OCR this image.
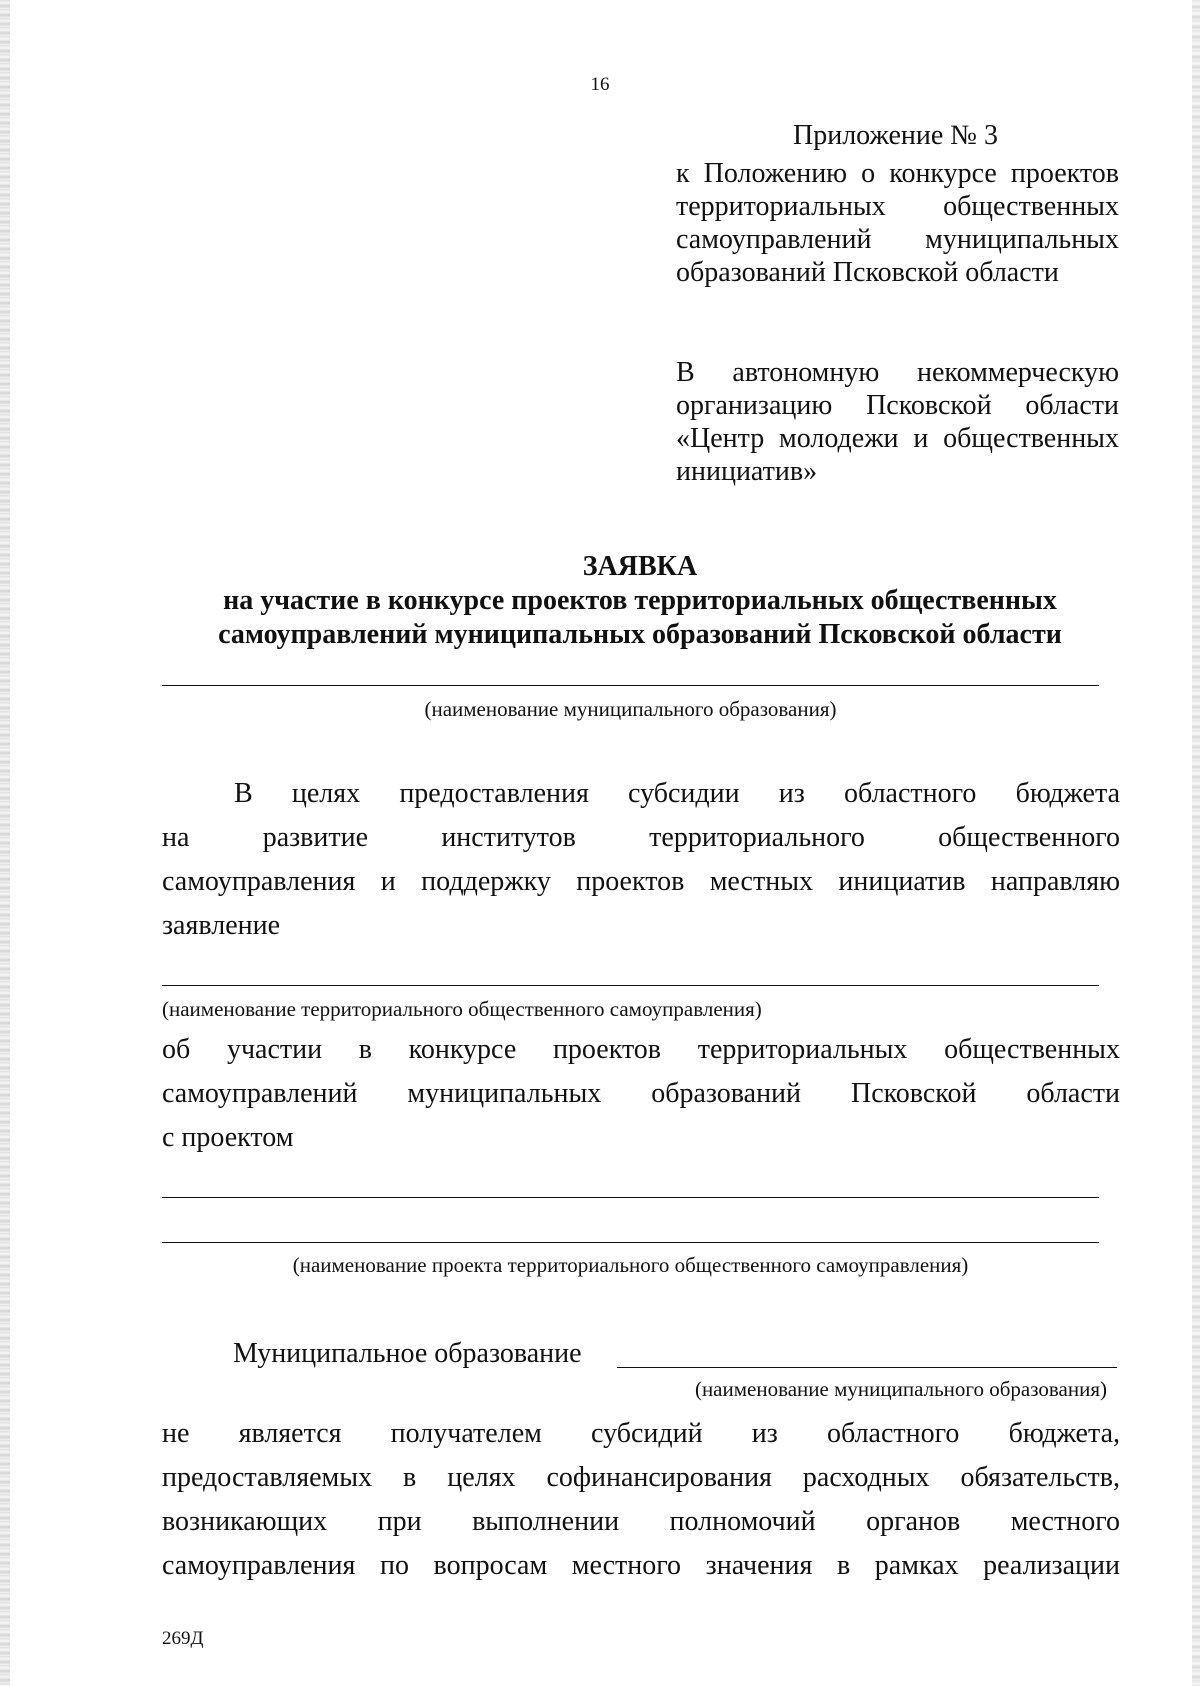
16
Приложение № 3
к Положению о конкурсе проектов
территориальных общественных
самоуправлений муниципальных
образований Псковской области
В автономную некоммерческую
организацию Псковской области
«Центр молодежи и общественных
инициатив»
ЗАЯВКА
на участие в конкурсе проектов территориальных общественных
самоуправлений муниципальных образований Псковской области
(наименование муниципального образования)
В целях предоставления субсидии из областного бюджета
на развитие институтов территориального общественного
самоуправления и поддержку проектов местных инициатив направляю
заявление
(наименование территориального общественного самоуправления)
об участии в конкурсе проектов территориальных общественных
самоуправлений муниципальных образований Псковской области
с проектом
(наименование проекта территориального общественного самоуправления)
Муниципальное образование
(наименование муниципального образования)
не является получателем субсидий из областного бюджета,
предоставляемых в целях софинансирования расходных обязательств,
возникающих при выполнении полномочий органов местного
самоуправления по вопросам местного значения в рамках реализации
269Д
